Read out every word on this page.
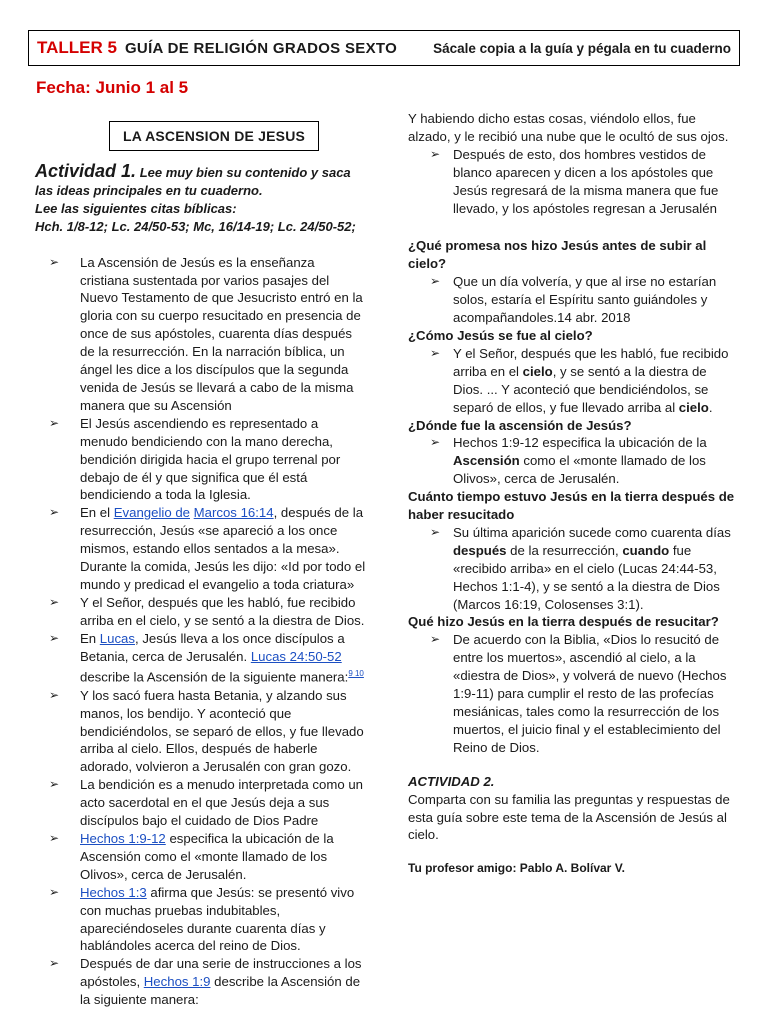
TALLER 5 GUÍA DE RELIGIÓN GRADOS SEXTO	Sácale copia a la guía y pégala en tu cuaderno
Fecha: Junio 1 al 5
LA ASCENSION DE JESUS
Actividad 1. Lee muy bien su contenido y saca las ideas principales en tu cuaderno.
Lee las siguientes citas bíblicas:
Hch. 1/8-12; Lc. 24/50-53; Mc, 16/14-19; Lc. 24/50-52;
➢ La Ascensión de Jesús es la enseñanza cristiana sustentada por varios pasajes del Nuevo Testamento de que Jesucristo entró en la gloria con su cuerpo resucitado en presencia de once de sus apóstoles, cuarenta días después de la resurrección. En la narración bíblica, un ángel les dice a los discípulos que la segunda venida de Jesús se llevará a cabo de la misma manera que su Ascensión
➢ El Jesús ascendiendo es representado a menudo bendiciendo con la mano derecha, bendición dirigida hacia el grupo terrenal por debajo de él y que significa que él está bendiciendo a toda la Iglesia.
➢ En el Evangelio de Marcos 16:14, después de la resurrección, Jesús «se apareció a los once mismos, estando ellos sentados a la mesa». Durante la comida, Jesús les dijo: «Id por todo el mundo y predicad el evangelio a toda criatura»
➢ Y el Señor, después que les habló, fue recibido arriba en el cielo, y se sentó a la diestra de Dios.
➢ En Lucas, Jesús lleva a los once discípulos a Betania, cerca de Jerusalén. Lucas 24:50-52 describe la Ascensión de la siguiente manera:$^{9 10}$
➢ Y los sacó fuera hasta Betania, y alzando sus manos, los bendijo. Y aconteció que bendiciéndolos, se separó de ellos, y fue llevado arriba al cielo. Ellos, después de haberle adorado, volvieron a Jerusalén con gran gozo.
➢ La bendición es a menudo interpretada como un acto sacerdotal en el que Jesús deja a sus discípulos bajo el cuidado de Dios Padre
➢ Hechos 1:9-12 especifica la ubicación de la Ascensión como el «monte llamado de los Olivos», cerca de Jerusalén.
➢ Hechos 1:3 afirma que Jesús: se presentó vivo con muchas pruebas indubitables, apareciéndoseles durante cuarenta días y hablándoles acerca del reino de Dios.
➢ Después de dar una serie de instrucciones a los apóstoles, Hechos 1:9 describe la Ascensión de la siguiente manera:
Y habiendo dicho estas cosas, viéndolo ellos, fue alzado, y le recibió una nube que le ocultó de sus ojos.
➢ Después de esto, dos hombres vestidos de blanco aparecen y dicen a los apóstoles que Jesús regresará de la misma manera que fue llevado, y los apóstoles regresan a Jerusalén
¿Qué promesa nos hizo Jesús antes de subir al cielo?
➢ Que un día volvería, y que al irse no estarían solos, estaría el Espíritu santo guiándoles y acompañandoles.14 abr. 2018
¿Cómo Jesús se fue al cielo?
➢ Y el Señor, después que les habló, fue recibido arriba en el cielo, y se sentó a la diestra de Dios. ... Y aconteció que bendiciéndolos, se separó de ellos, y fue llevado arriba al cielo.
¿Dónde fue la ascensión de Jesús?
➢ Hechos 1:9-12 especifica la ubicación de la Ascensión como el «monte llamado de los Olivos», cerca de Jerusalén.
Cuánto tiempo estuvo Jesús en la tierra después de haber resucitado
➢ Su última aparición sucede como cuarenta días después de la resurrección, cuando fue «recibido arriba» en el cielo (Lucas 24:44-53, Hechos 1:1-4), y se sentó a la diestra de Dios (Marcos 16:19, Colosenses 3:1).
Qué hizo Jesús en la tierra después de resucitar?
➢ De acuerdo con la Biblia, «Dios lo resucitó de entre los muertos», ascendió al cielo, a la «diestra de Dios», y volverá de nuevo (Hechos 1:9-11) para cumplir el resto de las profecías mesiánicas, tales como la resurrección de los muertos, el juicio final y el establecimiento del Reino de Dios.
ACTIVIDAD 2.
Comparta con su familia las preguntas y respuestas de esta guía sobre este tema de la Ascensión de Jesús al cielo.
Tu profesor amigo: Pablo A. Bolívar V.
